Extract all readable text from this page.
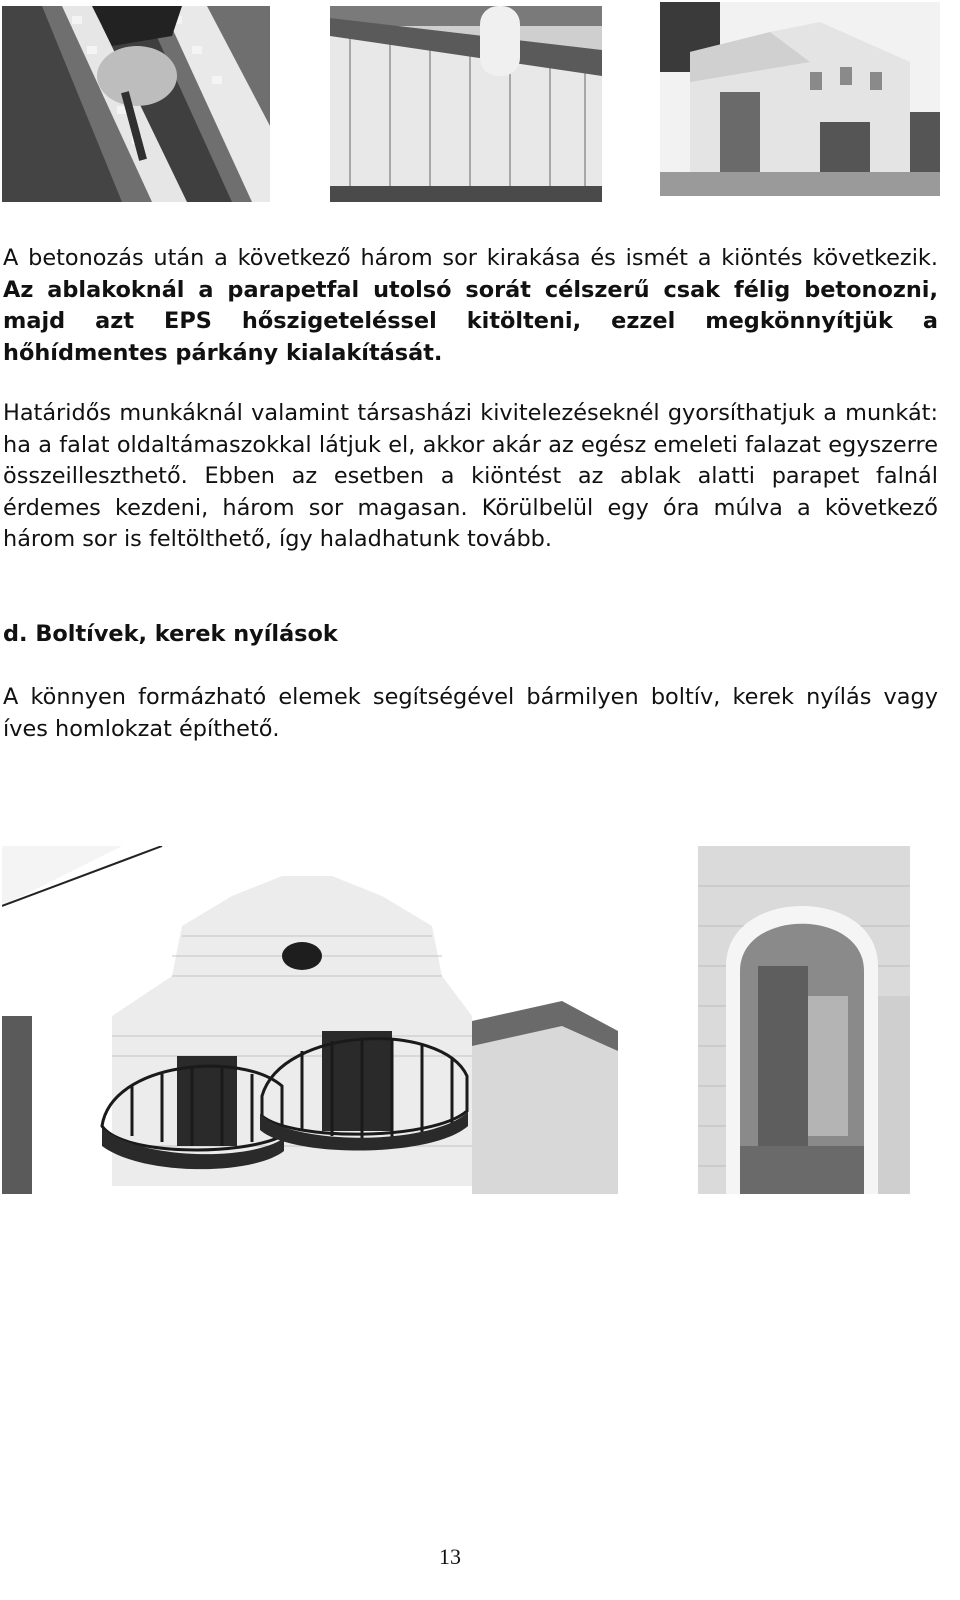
A betonozás után a következő három sor kirakása és ismét a kiöntés következik. Az ablakoknál a parapetfal utolsó sorát célszerű csak félig betonozni, majd azt EPS hőszigeteléssel kitölteni, ezzel megkönnyítjük a hőhídmentes párkány kialakítását.

Határidős munkáknál valamint társasházi kivitelezéseknél gyorsíthatjuk a munkát: ha a falat oldaltámaszokkal látjuk el, akkor akár az egész emeleti falazat egyszerre összeilleszthető. Ebben az esetben a kiöntést az ablak alatti parapet falnál érdemes kezdeni, három sor magasan. Körülbelül egy óra múlva a következő három sor is feltölthető, így haladhatunk tovább.

d. Boltívek, kerek nyílások

A könnyen formázható elemek segítségével bármilyen boltív, kerek nyílás vagy íves homlokzat építhető.

13
